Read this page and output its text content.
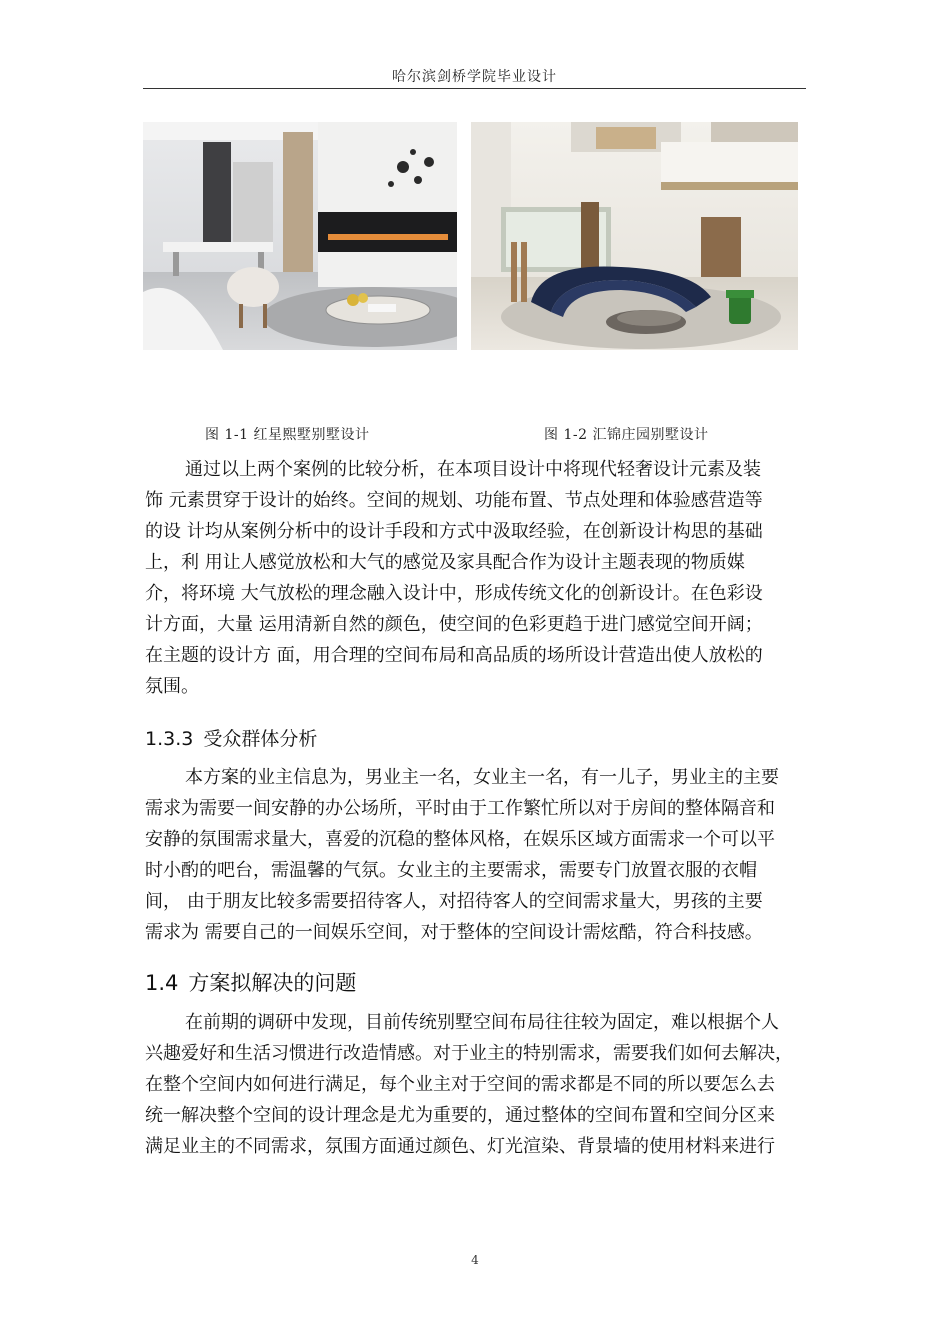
哈尔滨剑桥学院毕业设计
图 1-1 红星熙墅别墅设计	图 1-2 汇锦庄园别墅设计
通过以上两个案例的比较分析，在本项目设计中将现代轻奢设计元素及装
饰 元素贯穿于设计的始终。空间的规划、功能布置、节点处理和体验感营造等
的设 计均从案例分析中的设计手段和方式中汲取经验，在创新设计构思的基础
上，利 用让人感觉放松和大气的感觉及家具配合作为设计主题表现的物质媒
介，将环境 大气放松的理念融入设计中，形成传统文化的创新设计。在色彩设
计方面，大量 运用清新自然的颜色，使空间的色彩更趋于进门感觉空间开阔；
在主题的设计方 面，用合理的空间布局和高品质的场所设计营造出使人放松的
氛围。
1.3.3 受众群体分析
本方案的业主信息为，男业主一名，女业主一名，有一儿子，男业主的主要
需求为需要一间安静的办公场所，平时由于工作繁忙所以对于房间的整体隔音和
安静的氛围需求量大，喜爱的沉稳的整体风格，在娱乐区域方面需求一个可以平
时小酌的吧台，需温馨的气氛。女业主的主要需求，需要专门放置衣服的衣帽
间， 由于朋友比较多需要招待客人，对招待客人的空间需求量大，男孩的主要
需求为 需要自己的一间娱乐空间，对于整体的空间设计需炫酷，符合科技感。
1.4 方案拟解决的问题
在前期的调研中发现，目前传统别墅空间布局往往较为固定，难以根据个人
兴趣爱好和生活习惯进行改造情感。对于业主的特别需求，需要我们如何去解决，
在整个空间内如何进行满足，每个业主对于空间的需求都是不同的所以要怎么去
统一解决整个空间的设计理念是尤为重要的，通过整体的空间布置和空间分区来
满足业主的不同需求，氛围方面通过颜色、灯光渲染、背景墙的使用材料来进行
4
